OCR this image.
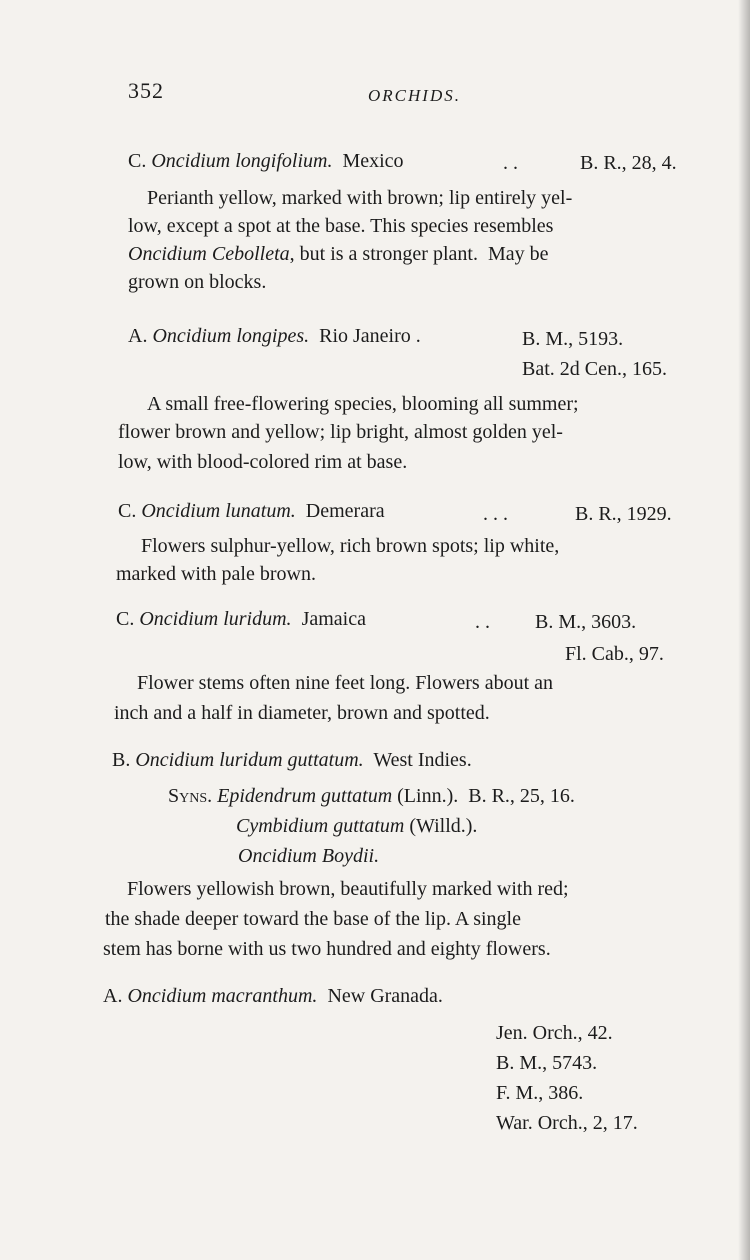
352	ORCHIDS.
C. Oncidium longifolium. Mexico	. .	B. R., 28, 4.
Perianth yellow, marked with brown; lip entirely yel-
low, except a spot at the base. This species resembles
Oncidium Cebolleta, but is a stronger plant.  May be
grown on blocks.
A. Oncidium longipes. Rio Janeiro .	B. M., 5193.
Bat. 2d Cen., 165.
A small free-flowering species, blooming all summer;
flower brown and yellow; lip bright, almost golden yel-
low, with blood-colored rim at base.
C. Oncidium lunatum. Demerara	. . .	B. R., 1929.
Flowers sulphur-yellow, rich brown spots; lip white,
marked with pale brown.
C. Oncidium luridum. Jamaica	. . B. M., 3603.
Fl. Cab., 97.
Flower stems often nine feet long. Flowers about an
inch and a half in diameter, brown and spotted.
B. Oncidium luridum guttatum. West Indies.
Syns. Epidendrum guttatum (Linn.). B. R., 25, 16.
Cymbidium guttatum (Willd.).
Oncidium Boydii.
Flowers yellowish brown, beautifully marked with red;
the shade deeper toward the base of the lip. A single
stem has borne with us two hundred and eighty flowers.
A. Oncidium macranthum. New Granada.
Jen. Orch., 42.
B. M., 5743.
F. M., 386.
War. Orch., 2, 17.
